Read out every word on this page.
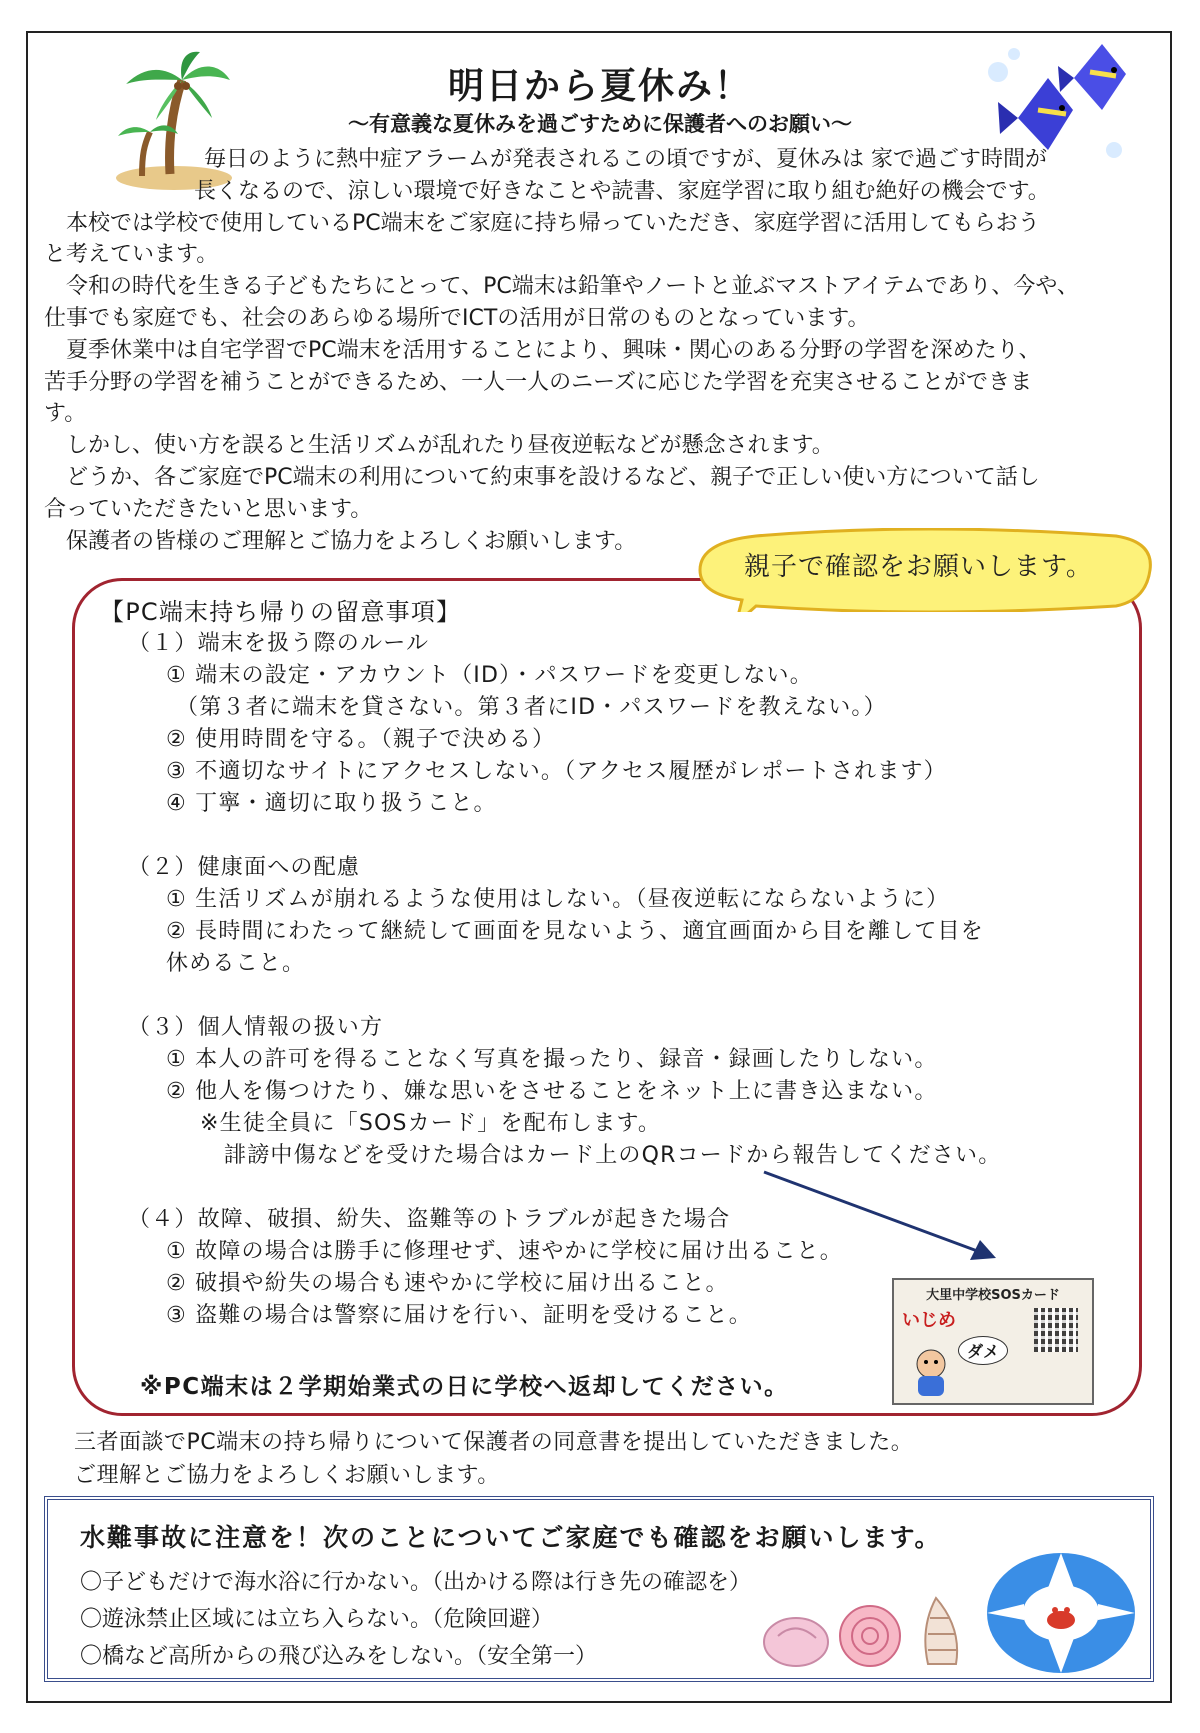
明日から夏休み！
～有意義な夏休みを過ごすために保護者へのお願い～

毎日のように熱中症アラームが発表されるこの頃ですが、夏休みは 家で過ごす時間が

長くなるので、涼しい環境で好きなことや読書、家庭学習に取り組む絶好の機会です。

本校では学校で使用しているPC端末をご家庭に持ち帰っていただき、家庭学習に活用してもらおう

と考えています。

令和の時代を生きる子どもたちにとって、PC端末は鉛筆やノートと並ぶマストアイテムであり、今や、

仕事でも家庭でも、社会のあらゆる場所でICTの活用が日常のものとなっています。

夏季休業中は自宅学習でPC端末を活用することにより、興味・関心のある分野の学習を深めたり、

苦手分野の学習を補うことができるため、一人一人のニーズに応じた学習を充実させることができま

す。

しかし、使い方を誤ると生活リズムが乱れたり昼夜逆転などが懸念されます。

どうか、各ご家庭でPC端末の利用について約束事を設けるなど、親子で正しい使い方について話し

合っていただきたいと思います。

保護者の皆様のご理解とご協力をよろしくお願いします。

親子で確認をお願いします。
【PC端末持ち帰りの留意事項】
（１）端末を扱う際のルール
① 端末の設定・アカウント（ID）・パスワードを変更しない。
（第３者に端末を貸さない。第３者にID・パスワードを教えない。）
② 使用時間を守る。（親子で決める）
③ 不適切なサイトにアクセスしない。（アクセス履歴がレポートされます）
④ 丁寧・適切に取り扱うこと。
（２）健康面への配慮
① 生活リズムが崩れるような使用はしない。（昼夜逆転にならないように）
② 長時間にわたって継続して画面を見ないよう、適宜画面から目を離して目を
休めること。
（３）個人情報の扱い方
① 本人の許可を得ることなく写真を撮ったり、録音・録画したりしない。
② 他人を傷つけたり、嫌な思いをさせることをネット上に書き込まない。
※生徒全員に「SOSカード」を配布します。
誹謗中傷などを受けた場合はカード上のQRコードから報告してください。
（４）故障、破損、紛失、盗難等のトラブルが起きた場合
① 故障の場合は勝手に修理せず、速やかに学校に届け出ること。
② 破損や紛失の場合も速やかに学校に届け出ること。
③ 盗難の場合は警察に届けを行い、証明を受けること。
※PC端末は２学期始業式の日に学校へ返却してください。
大里中学校SOSカード
いじめ
ダメ

三者面談でPC端末の持ち帰りについて保護者の同意書を提出していただきました。

ご理解とご協力をよろしくお願いします。

水難事故に注意を！次のことについてご家庭でも確認をお願いします。
〇子どもだけで海水浴に行かない。（出かける際は行き先の確認を）
〇遊泳禁止区域には立ち入らない。（危険回避）
〇橋など高所からの飛び込みをしない。（安全第一）
